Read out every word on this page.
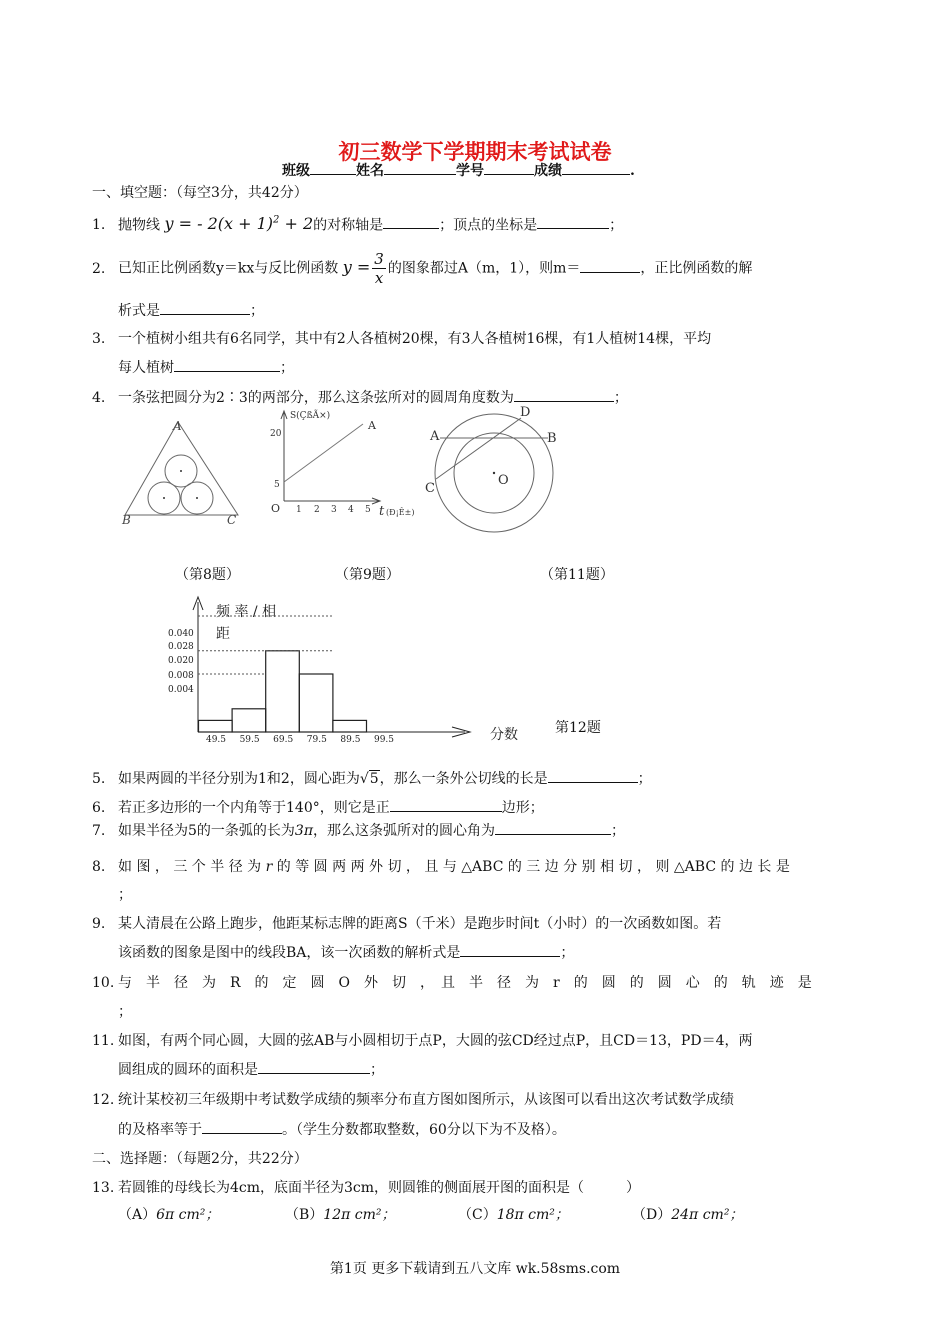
初三数学下学期期末考试试卷
班级	姓名	学号	成绩	.
一、填空题：（每空3分，共42分）
1. 抛物线 y = - $2(x + 1)^2 + 2$的对称轴是	；顶点的坐标是	；
2. 已知正比例函数y＝kx与反比例函数 $y = \frac{3}{x}$ 的图象都过A（m，1），则m＝	，正比例函数的解
析式是	；
3. 一个植树小组共有6名同学，其中有2人各植树20棵，有3人各植树16棵，有1人植树14棵，平均
每人植树	；
4. 一条弦把圆分为2∶3的两部分，那么这条弦所对的圆周角度数为	；
A
B	C
S(ÇßÃ×)
A
20
5
O 1 2 3 4 5 t (Ð¡Ê±)
A	B
C
D
O
（第8题）	（第9题）	（第11题）
频 率 / 相
距
分数
0.040
0.028
0.020
0.008
0.004
49.5 59.5 69.5 79.5 89.5 99.5
第12题
5. 如果两圆的半径分别为1和2，圆心距为√5，那么一条外公切线的长是	；
6. 若正多边形的一个内角等于140°，则它是正	边形；
7. 如果半径为5的一条弧的长为3π，那么这条弧所对的圆心角为	；
8. 如 图 ， 三 个 半 径 为 r 的 等 圆 两 两 外 切 ， 且 与 △ABC 的 三 边 分 别 相 切 ， 则 △ABC 的 边 长 是
；
9. 某人清晨在公路上跑步，他距某标志牌的距离S（千米）是跑步时间t（小时）的一次函数如图。若
该函数的图象是图中的线段BA，该一次函数的解析式是	；
10. 与　半　径　为　R　的　定　圆　O　外　切　，　且　半　径　为　r　的　圆　的　圆　心　的　轨　迹　是
；
11. 如图，有两个同心圆，大圆的弦AB与小圆相切于点P，大圆的弦CD经过点P，且CD＝13，PD＝4，两
圆组成的圆环的面积是	；
12. 统计某校初三年级期中考试数学成绩的频率分布直方图如图所示，从该图可以看出这次考试数学成绩
的及格率等于	。（学生分数都取整数，60分以下为不及格）。
二、选择题：（每题2分，共22分）
13. 若圆锥的母线长为4cm，底面半径为3cm，则圆锥的侧面展开图的面积是（　　　）
（A）6π cm²；	（B）12π cm²；	（C）18π cm²；	（D）24π cm²；
第1页 更多下载请到五八文库 wk.58sms.com
